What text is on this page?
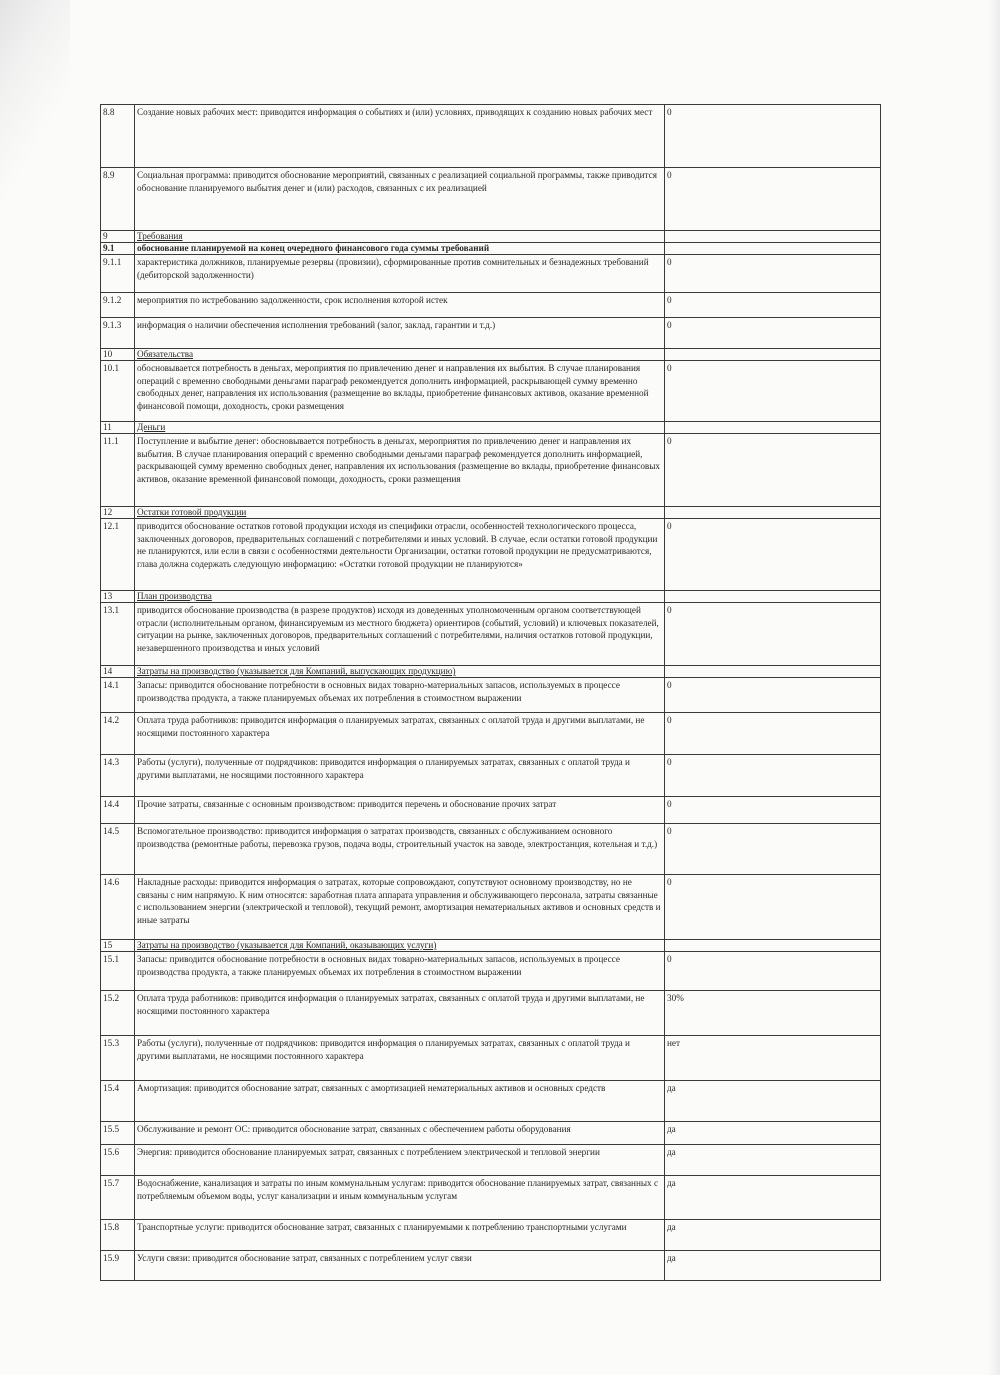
8.8	Создание новых рабочих мест: приводится информация о событиях и (или) условиях, приводящих к созданию новых рабочих мест	0
8.9	Социальная программа: приводится обоснование мероприятий, связанных с реализацией социальной программы, также приводится обоснование планируемого выбытия денег и (или) расходов, связанных с их реализацией	0
9	Требования	
9.1	обоснование планируемой на конец очередного финансового года суммы требований	
9.1.1	характеристика должников, планируемые резервы (провизии), сформированные против сомнительных и безнадежных требований (дебиторской задолженности)	0
9.1.2	мероприятия по истребованию задолженности, срок исполнения которой истек	0
9.1.3	информация о наличии обеспечения исполнения требований (залог, заклад, гарантии и т.д.)	0
10	Обязательства	
10.1	обосновывается потребность в деньгах, мероприятия по привлечению денег и направления их выбытия. В случае планирования операций с временно свободными деньгами параграф рекомендуется дополнить информацией, раскрывающей сумму временно свободных денег, направления их использования (размещение во вклады, приобретение финансовых активов, оказание временной финансовой помощи, доходность, сроки размещения	0
11	Деньги	
11.1	Поступление и выбытие денег: обосновывается потребность в деньгах, мероприятия по привлечению денег и направления их выбытия. В случае планирования операций с временно свободными деньгами параграф рекомендуется дополнить информацией, раскрывающей сумму временно свободных денег, направления их использования (размещение во вклады, приобретение финансовых активов, оказание временной финансовой помощи, доходность, сроки размещения	0
12	Остатки готовой продукции	
12.1	приводится обоснование остатков готовой продукции исходя из специфики отрасли, особенностей технологического процесса, заключенных договоров, предварительных соглашений с потребителями и иных условий. В случае, если остатки готовой продукции не планируются, или если в связи с особенностями деятельности Организации, остатки готовой продукции не предусматриваются, глава должна содержать следующую информацию: «Остатки готовой продукции не планируются»	0
13	План производства	
13.1	приводится обоснование производства (в разрезе продуктов) исходя из доведенных уполномоченным органом соответствующей отрасли (исполнительным органом, финансируемым из местного бюджета) ориентиров (событий, условий) и ключевых показателей, ситуации на рынке, заключенных договоров, предварительных соглашений с потребителями, наличия остатков готовой продукции, незавершенного производства и иных условий	0
14	Затраты на производство (указывается для Компаний, выпускающих продукцию)	
14.1	Запасы: приводится обоснование потребности в основных видах товарно-материальных запасов, используемых в процессе производства продукта, а также планируемых объемах их потребления в стоимостном выражении	0
14.2	Оплата труда работников: приводится информация о планируемых затратах, связанных с оплатой труда и другими выплатами, не носящими постоянного характера	0
14.3	Работы (услуги), полученные от подрядчиков: приводится информация о планируемых затратах, связанных с оплатой труда и другими выплатами, не носящими постоянного характера	0
14.4	Прочие затраты, связанные с основным производством: приводится перечень и обоснование прочих затрат	0
14.5	Вспомогательное производство: приводится информация о затратах производств, связанных с обслуживанием основного производства (ремонтные работы, перевозка грузов, подача воды, строительный участок на заводе, электростанция, котельная и т.д.)	0
14.6	Накладные расходы: приводится информация о затратах, которые сопровождают, сопутствуют основному производству, но не связаны с ним напрямую. К ним относятся: заработная плата аппарата управления и обслуживающего персонала, затраты связанные с использованием энергии (электрической и тепловой), текущий ремонт, амортизация нематериальных активов и основных средств и иные затраты	0
15	Затраты на производство (указывается для Компаний, оказывающих услуги)	
15.1	Запасы: приводится обоснование потребности в основных видах товарно-материальных запасов, используемых в процессе производства продукта, а также планируемых объемах их потребления в стоимостном выражении	0
15.2	Оплата труда работников: приводится информация о планируемых затратах, связанных с оплатой труда и другими выплатами, не носящими постоянного характера	30%
15.3	Работы (услуги), полученные от подрядчиков: приводится информация о планируемых затратах, связанных с оплатой труда и другими выплатами, не носящими постоянного характера	нет
15.4	Амортизация: приводится обоснование затрат, связанных с амортизацией нематериальных активов и основных средств	да
15.5	Обслуживание и ремонт ОС: приводится обоснование затрат, связанных с обеспечением работы оборудования	да
15.6	Энергия: приводится обоснование планируемых затрат, связанных с потреблением электрической и тепловой энергии	да
15.7	Водоснабжение, канализация и затраты по иным коммунальным услугам: приводится обоснование планируемых затрат, связанных с потребляемым объемом воды, услуг канализации и иным коммунальным услугам	да
15.8	Транспортные услуги: приводится обоснование затрат, связанных с планируемыми к потреблению транспортными услугами	да
15.9	Услуги связи: приводится обоснование затрат, связанных с потреблением услуг связи	да
